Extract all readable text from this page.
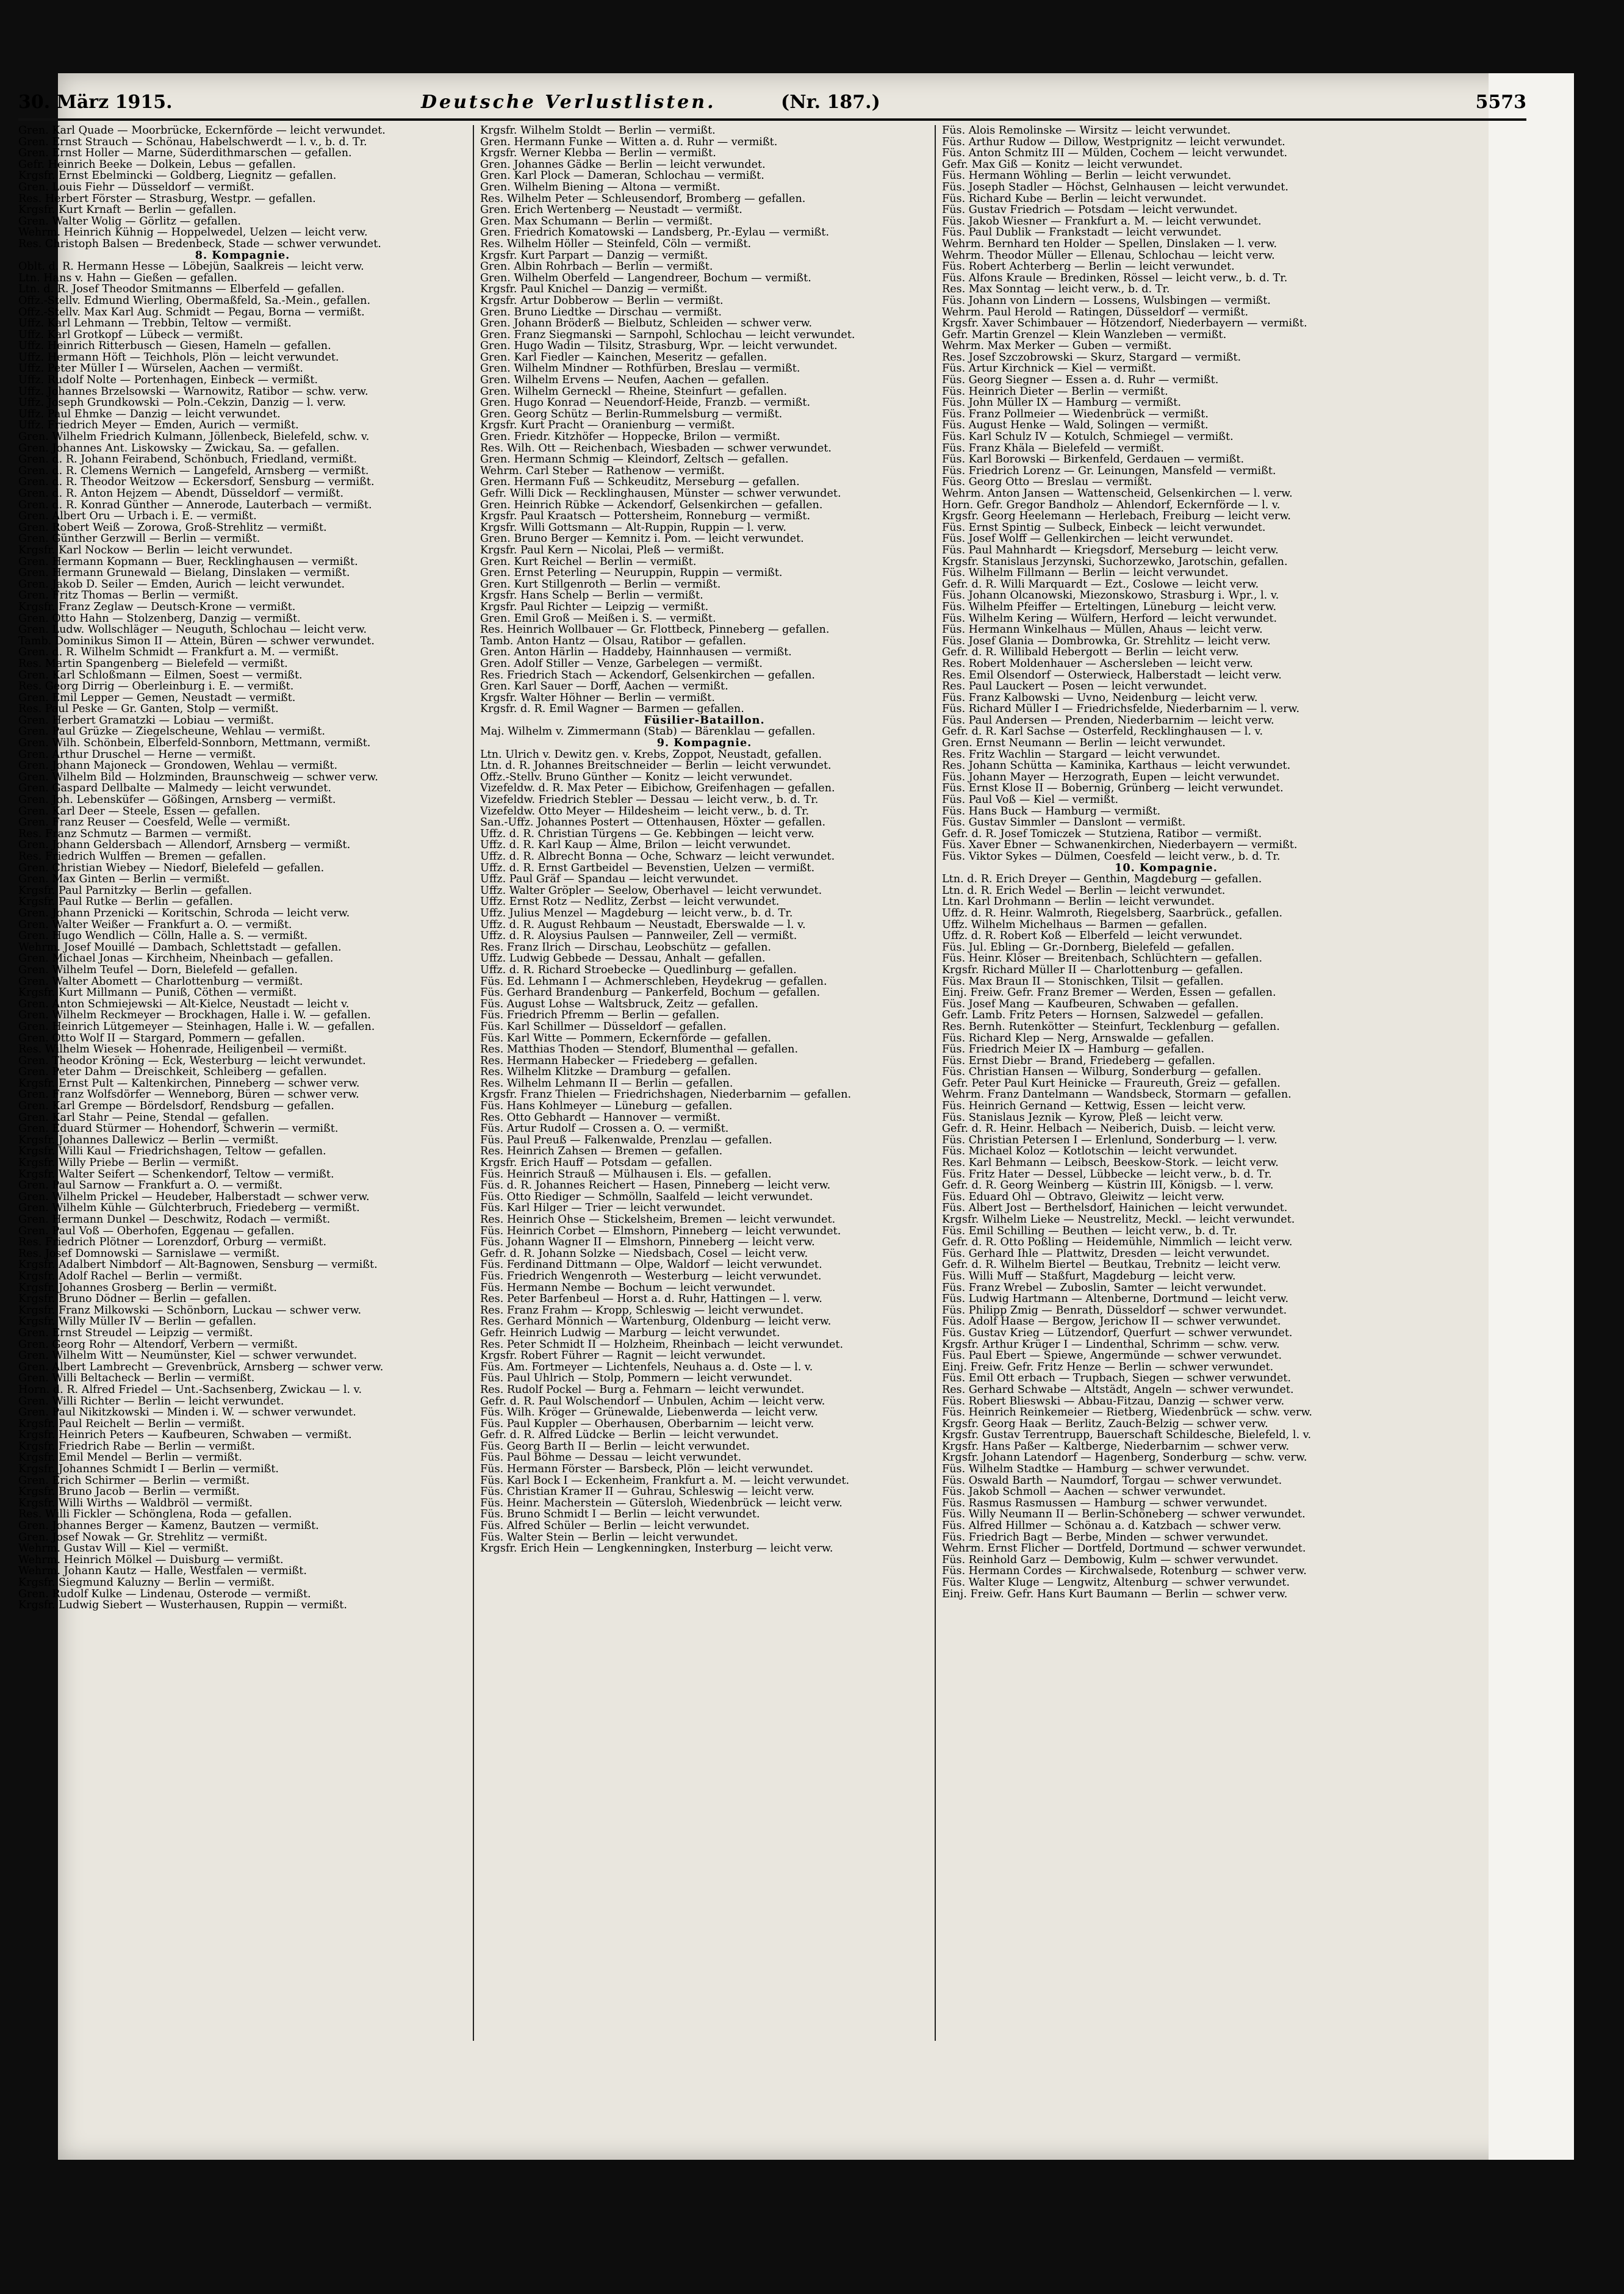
30. März 1915.	Deutsche Verlustlisten.	(Nr. 187.)	5573
Gren. Karl Quade — Moorbrücke, Eckernförde — leicht verwundet.
Gren. Ernst Strauch — Schönau, Habelschwerdt — l. v., b. d. Tr.
Gren. Ernst Holler — Marne, Süderdithmarschen — gefallen.
Gefr. Heinrich Beeke — Dolkein, Lebus — gefallen.
Krgsfr. Ernst Ebelmincki — Goldberg, Liegnitz — gefallen.
Gren. Louis Fiehr — Düsseldorf — vermißt.
Res. Herbert Förster — Strasburg, Westpr. — gefallen.
Krgsfr. Kurt Krnaft — Berlin — gefallen.
Gren. Walter Wolig — Görlitz — gefallen.
Wehrm. Heinrich Kühnig — Hoppelwedel, Uelzen — leicht verw.
Res. Christoph Balsen — Bredenbeck, Stade — schwer verwundet.
8. Kompagnie.
Oblt. d. R. Hermann Hesse — Löbejün, Saalkreis — leicht verw.
Ltn. Hans v. Hahn — Gießen — gefallen.
Ltn. d. R. Josef Theodor Smitmanns — Elberfeld — gefallen.
Offz.-Stellv. Edmund Wierling, Obermaßfeld, Sa.-Mein., gefallen.
Offz.-Stellv. Max Karl Aug. Schmidt — Pegau, Borna — vermißt.
Uffz. Karl Lehmann — Trebbin, Teltow — vermißt.
Uffz. Karl Grotkopf — Lübeck — vermißt.
Uffz. Heinrich Ritterbusch — Giesen, Hameln — gefallen.
Uffz. Hermann Höft — Teichhols, Plön — leicht verwundet.
Uffz. Peter Müller I — Würselen, Aachen — vermißt.
Uffz. Rudolf Nolte — Portenhagen, Einbeck — vermißt.
Uffz. Johannes Brzelsowski — Warnowitz, Ratibor — schw. verw.
Uffz. Joseph Grundkowski — Poln.-Cekzin, Danzig — l. verw.
Uffz. Paul Ehmke — Danzig — leicht verwundet.
Uffz. Friedrich Meyer — Emden, Aurich — vermißt.
Gren. Wilhelm Friedrich Kulmann, Jöllenbeck, Bielefeld, schw. v.
Gren. Johannes Ant. Liskowsky — Zwickau, Sa. — gefallen.
Gren. d. R. Johann Feirabend, Schönbuch, Friedland, vermißt.
Gren. d. R. Clemens Wernich — Langefeld, Arnsberg — vermißt.
Gren. d. R. Theodor Weitzow — Eckersdorf, Sensburg — vermißt.
Gren. d. R. Anton Hejzem — Abendt, Düsseldorf — vermißt.
Gren. d. R. Konrad Günther — Annerode, Lauterbach — vermißt.
Gren. Albert Oru — Urbach i. E. — vermißt.
Gren. Robert Weiß — Zorowa, Groß-Strehlitz — vermißt.
Gren. Günther Gerzwill — Berlin — vermißt.
Krgsfr. Karl Nockow — Berlin — leicht verwundet.
Gren. Hermann Kopmann — Buer, Recklinghausen — vermißt.
Gren. Hermann Grunewald — Bielang, Dinslaken — vermißt.
Gren. Jakob D. Seiler — Emden, Aurich — leicht verwundet.
Gren. Fritz Thomas — Berlin — vermißt.
Krgsfr. Franz Zeglaw — Deutsch-Krone — vermißt.
Gren. Otto Hahn — Stolzenberg, Danzig — vermißt.
Gren. Ludw. Wollschläger — Neuguth, Schlochau — leicht verw.
Tamb. Dominikus Simon II — Attein, Büren — schwer verwundet.
Gren. d. R. Wilhelm Schmidt — Frankfurt a. M. — vermißt.
Res. Martin Spangenberg — Bielefeld — vermißt.
Gren. Karl Schloßmann — Eilmen, Soest — vermißt.
Res. Georg Dirrig — Oberleinburg i. E. — vermißt.
Gren. Emil Lepper — Gemen, Neustadt — vermißt.
Res. Paul Peske — Gr. Ganten, Stolp — vermißt.
Gren. Herbert Gramatzki — Lobiau — vermißt.
Gren. Paul Grüzke — Ziegelscheune, Wehlau — vermißt.
Gren. Wilh. Schönbein, Elberfeld-Sonnborn, Mettmann, vermißt.
Gren. Arthur Druschel — Herne — vermißt.
Gren. Johann Majoneck — Grondowen, Wehlau — vermißt.
Gren. Wilhelm Bild — Holzminden, Braunschweig — schwer verw.
Gren. Gaspard Dellbalte — Malmedy — leicht verwundet.
Gren. Joh. Lebensküfer — Gößingen, Arnsberg — vermißt.
Gren. Karl Deer — Steele, Essen — gefallen.
Gren. Franz Reuser — Coesfeld, Welle — vermißt.
Res. Franz Schmutz — Barmen — vermißt.
Gren. Johann Geldersbach — Allendorf, Arnsberg — vermißt.
Res. Friedrich Wulffen — Bremen — gefallen.
Gren. Christian Wiebey — Niedorf, Bielefeld — gefallen.
Gren. Max Ginten — Berlin — vermißt.
Krgsfr. Paul Parnitzky — Berlin — gefallen.
Krgsfr. Paul Rutke — Berlin — gefallen.
Gren. Johann Przenicki — Koritschin, Schroda — leicht verw.
Gren. Walter Weißer — Frankfurt a. O. — vermißt.
Gren. Hugo Wendlich — Cölln, Halle a. S. — vermißt.
Wehrm. Josef Mouillé — Dambach, Schlettstadt — gefallen.
Gren. Michael Jonas — Kirchheim, Nheinbach — gefallen.
Gren. Wilhelm Teufel — Dorn, Bielefeld — gefallen.
Gren. Walter Abomett — Charlottenburg — vermißt.
Krgsfr. Kurt Millmann — Puniß, Cöthen — vermißt.
Gren. Anton Schmiejewski — Alt-Kielce, Neustadt — leicht v.
Gren. Wilhelm Reckmeyer — Brockhagen, Halle i. W. — gefallen.
Gren. Heinrich Lütgemeyer — Steinhagen, Halle i. W. — gefallen.
Gren. Otto Wolf II — Stargard, Pommern — gefallen.
Res. Wilhelm Wiesek — Hohenrade, Heiligenbeil — vermißt.
Gren. Theodor Kröning — Eck, Westerburg — leicht verwundet.
Gren. Peter Dahm — Dreischkeit, Schleiberg — gefallen.
Krgsfr. Ernst Pult — Kaltenkirchen, Pinneberg — schwer verw.
Gren. Franz Wolfsdörfer — Wenneborg, Büren — schwer verw.
Gren. Karl Grempe — Bördelsdorf, Rendsburg — gefallen.
Gren. Karl Stahr — Peine, Stendal — gefallen.
Gren. Eduard Stürmer — Hohendorf, Schwerin — vermißt.
Krgsfr. Johannes Dallewicz — Berlin — vermißt.
Krgsfr. Willi Kaul — Friedrichshagen, Teltow — gefallen.
Krgsfr. Willy Priebe — Berlin — vermißt.
Krgsfr. Walter Seifert — Schenkendorf, Teltow — vermißt.
Gren. Paul Sarnow — Frankfurt a. O. — vermißt.
Gren. Wilhelm Prickel — Heudeber, Halberstadt — schwer verw.
Gren. Wilhelm Kühle — Gülchterbruch, Friedeberg — vermißt.
Gren. Hermann Dunkel — Deschwitz, Rodach — vermißt.
Gren. Paul Voß — Oberhofen, Eggenau — gefallen.
Res. Friedrich Plötner — Lorenzdorf, Orburg — vermißt.
Res. Josef Domnowski — Sarnislawe — vermißt.
Krgsfr. Adalbert Nimbdorf — Alt-Bagnowen, Sensburg — vermißt.
Krgsfr. Adolf Rachel — Berlin — vermißt.
Krgsfr. Johannes Grosberg — Berlin — vermißt.
Krgsfr. Bruno Dödner — Berlin — gefallen.
Krgsfr. Franz Milkowski — Schönborn, Luckau — schwer verw.
Krgsfr. Willy Müller IV — Berlin — gefallen.
Gren. Ernst Streudel — Leipzig — vermißt.
Gren. Georg Rohr — Altendorf, Verbern — vermißt.
Gren. Wilhelm Witt — Neumünster, Kiel — schwer verwundet.
Gren. Albert Lambrecht — Grevenbrück, Arnsberg — schwer verw.
Gren. Willi Beltacheck — Berlin — vermißt.
Horn. d. R. Alfred Friedel — Unt.-Sachsenberg, Zwickau — l. v.
Gren. Willi Richter — Berlin — leicht verwundet.
Gren. Paul Nikitzkowski — Minden i. W. — schwer verwundet.
Krgsfr. Paul Reichelt — Berlin — vermißt.
Krgsfr. Heinrich Peters — Kaufbeuren, Schwaben — vermißt.
Krgsfr. Friedrich Rabe — Berlin — vermißt.
Krgsfr. Emil Mendel — Berlin — vermißt.
Krgsfr. Johannes Schmidt I — Berlin — vermißt.
Gren. Erich Schirmer — Berlin — vermißt.
Krgsfr. Bruno Jacob — Berlin — vermißt.
Krgsfr. Willi Wirths — Waldbröl — vermißt.
Res. Willi Fickler — Schönglena, Roda — gefallen.
Gren. Johannes Berger — Kamenz, Bautzen — vermißt.
Gren. Josef Nowak — Gr. Strehlitz — vermißt.
Wehrm. Gustav Will — Kiel — vermißt.
Wehrm. Heinrich Mölkel — Duisburg — vermißt.
Wehrm. Johann Kautz — Halle, Westfalen — vermißt.
Krgsfr. Siegmund Kaluzny — Berlin — vermißt.
Gren. Rudolf Kulke — Lindenau, Osterode — vermißt.
Krgsfr. Ludwig Siebert — Wusterhausen, Ruppin — vermißt.
Krgsfr. Wilhelm Stoldt — Berlin — vermißt.
Gren. Hermann Funke — Witten a. d. Ruhr — vermißt.
Krgsfr. Werner Klebba — Berlin — vermißt.
Gren. Johannes Gädke — Berlin — leicht verwundet.
Gren. Karl Plock — Dameran, Schlochau — vermißt.
Gren. Wilhelm Biening — Altona — vermißt.
Res. Wilhelm Peter — Schleusendorf, Bromberg — gefallen.
Gren. Erich Wertenberg — Neustadt — vermißt.
Gren. Max Schumann — Berlin — vermißt.
Gren. Friedrich Komatowski — Landsberg, Pr.-Eylau — vermißt.
Res. Wilhelm Höller — Steinfeld, Cöln — vermißt.
Krgsfr. Kurt Parpart — Danzig — vermißt.
Gren. Albin Rohrbach — Berlin — vermißt.
Gren. Wilhelm Oberfeld — Langendreer, Bochum — vermißt.
Krgsfr. Paul Knichel — Danzig — vermißt.
Krgsfr. Artur Dobberow — Berlin — vermißt.
Gren. Bruno Liedtke — Dirschau — vermißt.
Gren. Johann Bröderß — Bielbutz, Schleiden — schwer verw.
Gren. Franz Siegmanski — Sarnpohl, Schlochau — leicht verwundet.
Gren. Hugo Wadin — Tilsitz, Strasburg, Wpr. — leicht verwundet.
Gren. Karl Fiedler — Kainchen, Meseritz — gefallen.
Gren. Wilhelm Mindner — Rothfürben, Breslau — vermißt.
Gren. Wilhelm Ervens — Neufen, Aachen — gefallen.
Gren. Wilhelm Gerneckl — Rheine, Steinfurt — gefallen.
Gren. Hugo Konrad — Neuendorf-Heide, Franzb. — vermißt.
Gren. Georg Schütz — Berlin-Rummelsburg — vermißt.
Krgsfr. Kurt Pracht — Oranienburg — vermißt.
Gren. Friedr. Kitzhöfer — Hoppecke, Brilon — vermißt.
Res. Wilh. Ott — Reichenbach, Wiesbaden — schwer verwundet.
Gren. Hermann Schmig — Kleindorf, Zeltsch — gefallen.
Wehrm. Carl Steber — Rathenow — vermißt.
Gren. Hermann Fuß — Schkeuditz, Merseburg — gefallen.
Gefr. Willi Dick — Recklinghausen, Münster — schwer verwundet.
Gren. Heinrich Rübke — Ackendorf, Gelsenkirchen — gefallen.
Krgsfr. Paul Kraatsch — Pottersheim, Ronneburg — vermißt.
Krgsfr. Willi Gottsmann — Alt-Ruppin, Ruppin — l. verw.
Gren. Bruno Berger — Kemnitz i. Pom. — leicht verwundet.
Krgsfr. Paul Kern — Nicolai, Pleß — vermißt.
Gren. Kurt Reichel — Berlin — vermißt.
Gren. Ernst Peterling — Neuruppin, Ruppin — vermißt.
Gren. Kurt Stillgenroth — Berlin — vermißt.
Krgsfr. Hans Schelp — Berlin — vermißt.
Krgsfr. Paul Richter — Leipzig — vermißt.
Gren. Emil Groß — Meißen i. S. — vermißt.
Res. Heinrich Wollbauer — Gr. Flottbeck, Pinneberg — gefallen.
Tamb. Anton Hantz — Olsau, Ratibor — gefallen.
Gren. Anton Härlin — Haddeby, Hainnhausen — vermißt.
Gren. Adolf Stiller — Venze, Garbelegen — vermißt.
Res. Friedrich Stach — Ackendorf, Gelsenkirchen — gefallen.
Gren. Karl Sauer — Dorff, Aachen — vermißt.
Krgsfr. Walter Höhner — Berlin — vermißt.
Krgsfr. d. R. Emil Wagner — Barmen — gefallen.
Füsilier-Bataillon.
Maj. Wilhelm v. Zimmermann (Stab) — Bärenklau — gefallen.
9. Kompagnie.
Ltn. Ulrich v. Dewitz gen. v. Krebs, Zoppot, Neustadt, gefallen.
Ltn. d. R. Johannes Breitschneider — Berlin — leicht verwundet.
Offz.-Stellv. Bruno Günther — Konitz — leicht verwundet.
Vizefeldw. d. R. Max Peter — Eibichow, Greifenhagen — gefallen.
Vizefeldw. Friedrich Stebler — Dessau — leicht verw., b. d. Tr.
Vizefeldw. Otto Meyer — Hildesheim — leicht verw., b. d. Tr.
San.-Uffz. Johannes Postert — Ottenhausen, Höxter — gefallen.
Uffz. d. R. Christian Türgens — Ge. Kebbingen — leicht verw.
Uffz. d. R. Karl Kaup — Alme, Brilon — leicht verwundet.
Uffz. d. R. Albrecht Bonna — Oche, Schwarz — leicht verwundet.
Uffz. d. R. Ernst Gartbeidel — Bevenstien, Uelzen — vermißt.
Uffz. Paul Gräf — Spandau — leicht verwundet.
Uffz. Walter Gröpler — Seelow, Oberhavel — leicht verwundet.
Uffz. Ernst Rotz — Nedlitz, Zerbst — leicht verwundet.
Uffz. Julius Menzel — Magdeburg — leicht verw., b. d. Tr.
Uffz. d. R. August Rehbaum — Neustadt, Eberswalde — l. v.
Uffz. d. R. Aloysius Paulsen — Pannweiler, Zell — vermißt.
Res. Franz Ilrich — Dirschau, Leobschütz — gefallen.
Uffz. Ludwig Gebbede — Dessau, Anhalt — gefallen.
Uffz. d. R. Richard Stroebecke — Quedlinburg — gefallen.
Füs. Ed. Lehmann I — Achmerschleben, Heydekrug — gefallen.
Füs. Gerhard Brandenburg — Pankerfeld, Bochum — gefallen.
Füs. August Lohse — Waltsbruck, Zeitz — gefallen.
Füs. Friedrich Pfremm — Berlin — gefallen.
Füs. Karl Schillmer — Düsseldorf — gefallen.
Füs. Karl Witte — Pommern, Eckernförde — gefallen.
Res. Matthias Thoden — Stendorf, Blumenthal — gefallen.
Res. Hermann Habecker — Friedeberg — gefallen.
Res. Wilhelm Klitzke — Dramburg — gefallen.
Res. Wilhelm Lehmann II — Berlin — gefallen.
Krgsfr. Franz Thielen — Friedrichshagen, Niederbarnim — gefallen.
Füs. Hans Kohlmeyer — Lüneburg — gefallen.
Res. Otto Gebhardt — Hannover — vermißt.
Füs. Artur Rudolf — Crossen a. O. — vermißt.
Füs. Paul Preuß — Falkenwalde, Prenzlau — gefallen.
Res. Heinrich Zahsen — Bremen — gefallen.
Krgsfr. Erich Hauff — Potsdam — gefallen.
Füs. Heinrich Strauß — Mülhausen i. Els. — gefallen.
Füs. d. R. Johannes Reichert — Hasen, Pinneberg — leicht verw.
Füs. Otto Riediger — Schmölln, Saalfeld — leicht verwundet.
Füs. Karl Hilger — Trier — leicht verwundet.
Res. Heinrich Ohse — Stickelsheim, Bremen — leicht verwundet.
Füs. Heinrich Corbet — Elmshorn, Pinneberg — leicht verwundet.
Füs. Johann Wagner II — Elmshorn, Pinneberg — leicht verw.
Gefr. d. R. Johann Solzke — Niedsbach, Cosel — leicht verw.
Füs. Ferdinand Dittmann — Olpe, Waldorf — leicht verwundet.
Füs. Friedrich Wengenroth — Westerburg — leicht verwundet.
Füs. Hermann Nembe — Bochum — leicht verwundet.
Res. Peter Barfenbeul — Horst a. d. Ruhr, Hattingen — l. verw.
Res. Franz Frahm — Kropp, Schleswig — leicht verwundet.
Res. Gerhard Mönnich — Wartenburg, Oldenburg — leicht verw.
Gefr. Heinrich Ludwig — Marburg — leicht verwundet.
Res. Peter Schmidt II — Holzheim, Rheinbach — leicht verwundet.
Krgsfr. Robert Führer — Ragnit — leicht verwundet.
Füs. Am. Fortmeyer — Lichtenfels, Neuhaus a. d. Oste — l. v.
Füs. Paul Uhlrich — Stolp, Pommern — leicht verwundet.
Res. Rudolf Pockel — Burg a. Fehmarn — leicht verwundet.
Gefr. d. R. Paul Wolschendorf — Unbulen, Achim — leicht verw.
Füs. Wilh. Kröger — Grünewalde, Liebenwerda — leicht verw.
Füs. Paul Kuppler — Oberhausen, Oberbarnim — leicht verw.
Gefr. d. R. Alfred Lüdcke — Berlin — leicht verwundet.
Füs. Georg Barth II — Berlin — leicht verwundet.
Füs. Paul Böhme — Dessau — leicht verwundet.
Füs. Hermann Förster — Barsbeck, Plön — leicht verwundet.
Füs. Karl Bock I — Eckenheim, Frankfurt a. M. — leicht verwundet.
Füs. Christian Kramer II — Guhrau, Schleswig — leicht verw.
Füs. Heinr. Macherstein — Gütersloh, Wiedenbrück — leicht verw.
Füs. Bruno Schmidt I — Berlin — leicht verwundet.
Füs. Alfred Schüler — Berlin — leicht verwundet.
Füs. Walter Stein — Berlin — leicht verwundet.
Krgsfr. Erich Hein — Lengkenningken, Insterburg — leicht verw.
Füs. Alois Remolinske — Wirsitz — leicht verwundet.
Füs. Arthur Rudow — Dillow, Westprignitz — leicht verwundet.
Füs. Anton Schmitz III — Mülden, Cochem — leicht verwundet.
Gefr. Max Giß — Konitz — leicht verwundet.
Füs. Hermann Wöhling — Berlin — leicht verwundet.
Füs. Joseph Stadler — Höchst, Gelnhausen — leicht verwundet.
Füs. Richard Kube — Berlin — leicht verwundet.
Füs. Gustav Friedrich — Potsdam — leicht verwundet.
Füs. Jakob Wiesner — Frankfurt a. M. — leicht verwundet.
Füs. Paul Dublik — Frankstadt — leicht verwundet.
Wehrm. Bernhard ten Holder — Spellen, Dinslaken — l. verw.
Wehrm. Theodor Müller — Ellenau, Schlochau — leicht verw.
Füs. Robert Achterberg — Berlin — leicht verwundet.
Füs. Alfons Kraule — Bredinken, Rössel — leicht verw., b. d. Tr.
Res. Max Sonntag — leicht verw., b. d. Tr.
Füs. Johann von Lindern — Lossens, Wulsbingen — vermißt.
Wehrm. Paul Herold — Ratingen, Düsseldorf — vermißt.
Krgsfr. Xaver Schimbauer — Hötzendorf, Niederbayern — vermißt.
Gefr. Martin Grenzel — Klein Wanzleben — vermißt.
Wehrm. Max Merker — Guben — vermißt.
Res. Josef Szczobrowski — Skurz, Stargard — vermißt.
Füs. Artur Kirchnick — Kiel — vermißt.
Füs. Georg Siegner — Essen a. d. Ruhr — vermißt.
Füs. Heinrich Dieter — Berlin — vermißt.
Füs. John Müller IX — Hamburg — vermißt.
Füs. Franz Pollmeier — Wiedenbrück — vermißt.
Füs. August Henke — Wald, Solingen — vermißt.
Füs. Karl Schulz IV — Kotulch, Schmiegel — vermißt.
Füs. Franz Khäla — Bielefeld — vermißt.
Füs. Karl Borowski — Birkenfeld, Gerdauen — vermißt.
Füs. Friedrich Lorenz — Gr. Leinungen, Mansfeld — vermißt.
Füs. Georg Otto — Breslau — vermißt.
Wehrm. Anton Jansen — Wattenscheid, Gelsenkirchen — l. verw.
Horn. Gefr. Gregor Bandholz — Ahlendorf, Eckernförde — l. v.
Krgsfr. Georg Heelemann — Herlebach, Freiburg — leicht verw.
Füs. Ernst Spintig — Sulbeck, Einbeck — leicht verwundet.
Füs. Josef Wolff — Gellenkirchen — leicht verwundet.
Füs. Paul Mahnhardt — Kriegsdorf, Merseburg — leicht verw.
Krgsfr. Stanislaus Jerzynski, Suchorzewko, Jarotschin, gefallen.
Füs. Wilhelm Fillmann — Berlin — leicht verwundet.
Gefr. d. R. Willi Marquardt — Ezt., Coslowe — leicht verw.
Füs. Johann Olcanowski, Miezonskowo, Strasburg i. Wpr., l. v.
Füs. Wilhelm Pfeiffer — Erteltingen, Lüneburg — leicht verw.
Füs. Wilhelm Kering — Wülfern, Herford — leicht verwundet.
Füs. Hermann Winkelhaus — Müllen, Ahaus — leicht verw.
Füs. Josef Glania — Dombrowka, Gr. Strehlitz — leicht verw.
Gefr. d. R. Willibald Hebergott — Berlin — leicht verw.
Res. Robert Moldenhauer — Aschersleben — leicht verw.
Res. Emil Olsendorf — Osterwieck, Halberstadt — leicht verw.
Res. Paul Lauckert — Posen — leicht verwundet.
Füs. Franz Kalbowski — Uvno, Neidenburg — leicht verw.
Füs. Richard Müller I — Friedrichsfelde, Niederbarnim — l. verw.
Füs. Paul Andersen — Prenden, Niederbarnim — leicht verw.
Gefr. d. R. Karl Sachse — Osterfeld, Recklinghausen — l. v.
Gren. Ernst Neumann — Berlin — leicht verwundet.
Res. Fritz Wachlin — Stargard — leicht verwundet.
Res. Johann Schütta — Kaminika, Karthaus — leicht verwundet.
Füs. Johann Mayer — Herzograth, Eupen — leicht verwundet.
Füs. Ernst Klose II — Bobernig, Grünberg — leicht verwundet.
Füs. Paul Voß — Kiel — vermißt.
Füs. Hans Buck — Hamburg — vermißt.
Füs. Gustav Simmler — Danslont — vermißt.
Gefr. d. R. Josef Tomiczek — Stutziena, Ratibor — vermißt.
Füs. Xaver Ebner — Schwanenkirchen, Niederbayern — vermißt.
Füs. Viktor Sykes — Dülmen, Coesfeld — leicht verw., b. d. Tr.
10. Kompagnie.
Ltn. d. R. Erich Dreyer — Genthin, Magdeburg — gefallen.
Ltn. d. R. Erich Wedel — Berlin — leicht verwundet.
Ltn. Karl Drohmann — Berlin — leicht verwundet.
Uffz. d. R. Heinr. Walmroth, Riegelsberg, Saarbrück., gefallen.
Uffz. Wilhelm Michelhaus — Barmen — gefallen.
Uffz. d. R. Robert Koß — Elberfeld — leicht verwundet.
Füs. Jul. Ebling — Gr.-Dornberg, Bielefeld — gefallen.
Füs. Heinr. Klöser — Breitenbach, Schlüchtern — gefallen.
Krgsfr. Richard Müller II — Charlottenburg — gefallen.
Füs. Max Braun II — Stonischken, Tilsit — gefallen.
Einj. Freiw. Gefr. Franz Bremer — Werden, Essen — gefallen.
Füs. Josef Mang — Kaufbeuren, Schwaben — gefallen.
Gefr. Lamb. Fritz Peters — Hornsen, Salzwedel — gefallen.
Res. Bernh. Rutenkötter — Steinfurt, Tecklenburg — gefallen.
Füs. Richard Klep — Nerg, Arnswalde — gefallen.
Füs. Friedrich Meier IX — Hamburg — gefallen.
Füs. Ernst Diebr — Brand, Friedeberg — gefallen.
Füs. Christian Hansen — Wilburg, Sonderburg — gefallen.
Gefr. Peter Paul Kurt Heinicke — Fraureuth, Greiz — gefallen.
Wehrm. Franz Dantelmann — Wandsbeck, Stormarn — gefallen.
Füs. Heinrich Gernand — Kettwig, Essen — leicht verw.
Füs. Stanislaus Jeznik — Kyrow, Pleß — leicht verw.
Gefr. d. R. Heinr. Helbach — Neiberich, Duisb. — leicht verw.
Füs. Christian Petersen I — Erlenlund, Sonderburg — l. verw.
Füs. Michael Koloz — Kotlotschin — leicht verwundet.
Res. Karl Behmann — Leibsch, Beeskow-Stork. — leicht verw.
Füs. Fritz Hater — Dessel, Lübbecke — leicht verw., b. d. Tr.
Gefr. d. R. Georg Weinberg — Küstrin III, Königsb. — l. verw.
Füs. Eduard Ohl — Obtravo, Gleiwitz — leicht verw.
Füs. Albert Jost — Berthelsdorf, Hainichen — leicht verwundet.
Krgsfr. Wilhelm Lieke — Neustrelitz, Meckl. — leicht verwundet.
Füs. Emil Schilling — Beuthen — leicht verw., b. d. Tr.
Gefr. d. R. Otto Poßling — Heidemühle, Nimmlich — leicht verw.
Füs. Gerhard Ihle — Plattwitz, Dresden — leicht verwundet.
Gefr. d. R. Wilhelm Biertel — Beutkau, Trebnitz — leicht verw.
Füs. Willi Muff — Staßfurt, Magdeburg — leicht verw.
Füs. Franz Wrebel — Zuboslin, Samter — leicht verwundet.
Füs. Ludwig Hartmann — Altenberne, Dortmund — leicht verw.
Füs. Philipp Zmig — Benrath, Düsseldorf — schwer verwundet.
Füs. Adolf Haase — Bergow, Jerichow II — schwer verwundet.
Füs. Gustav Krieg — Lützendorf, Querfurt — schwer verwundet.
Krgsfr. Arthur Krüger I — Lindenthal, Schrimm — schw. verw.
Füs. Paul Ebert — Spiewe, Angermünde — schwer verwundet.
Einj. Freiw. Gefr. Fritz Henze — Berlin — schwer verwundet.
Füs. Emil Ott erbach — Trupbach, Siegen — schwer verwundet.
Res. Gerhard Schwabe — Altstädt, Angeln — schwer verwundet.
Füs. Robert Blieswski — Abbau-Fitzau, Danzig — schwer verw.
Füs. Heinrich Reinkemeier — Rietberg, Wiedenbrück — schw. verw.
Krgsfr. Georg Haak — Berlitz, Zauch-Belzig — schwer verw.
Krgsfr. Gustav Terrentrupp, Bauerschaft Schildesche, Bielefeld, l. v.
Krgsfr. Hans Paßer — Kaltberge, Niederbarnim — schwer verw.
Krgsfr. Johann Latendorf — Hagenberg, Sonderburg — schw. verw.
Füs. Wilhelm Stadtke — Hamburg — schwer verwundet.
Füs. Oswald Barth — Naumdorf, Torgau — schwer verwundet.
Füs. Jakob Schmoll — Aachen — schwer verwundet.
Füs. Rasmus Rasmussen — Hamburg — schwer verwundet.
Füs. Willy Neumann II — Berlin-Schöneberg — schwer verwundet.
Füs. Alfred Hillmer — Schönau a. d. Katzbach — schwer verw.
Füs. Friedrich Bagt — Berbe, Minden — schwer verwundet.
Wehrm. Ernst Flicher — Dortfeld, Dortmund — schwer verwundet.
Füs. Reinhold Garz — Dembowig, Kulm — schwer verwundet.
Füs. Hermann Cordes — Kirchwalsede, Rotenburg — schwer verw.
Füs. Walter Kluge — Lengwitz, Altenburg — schwer verwundet.
Einj. Freiw. Gefr. Hans Kurt Baumann — Berlin — schwer verw.
